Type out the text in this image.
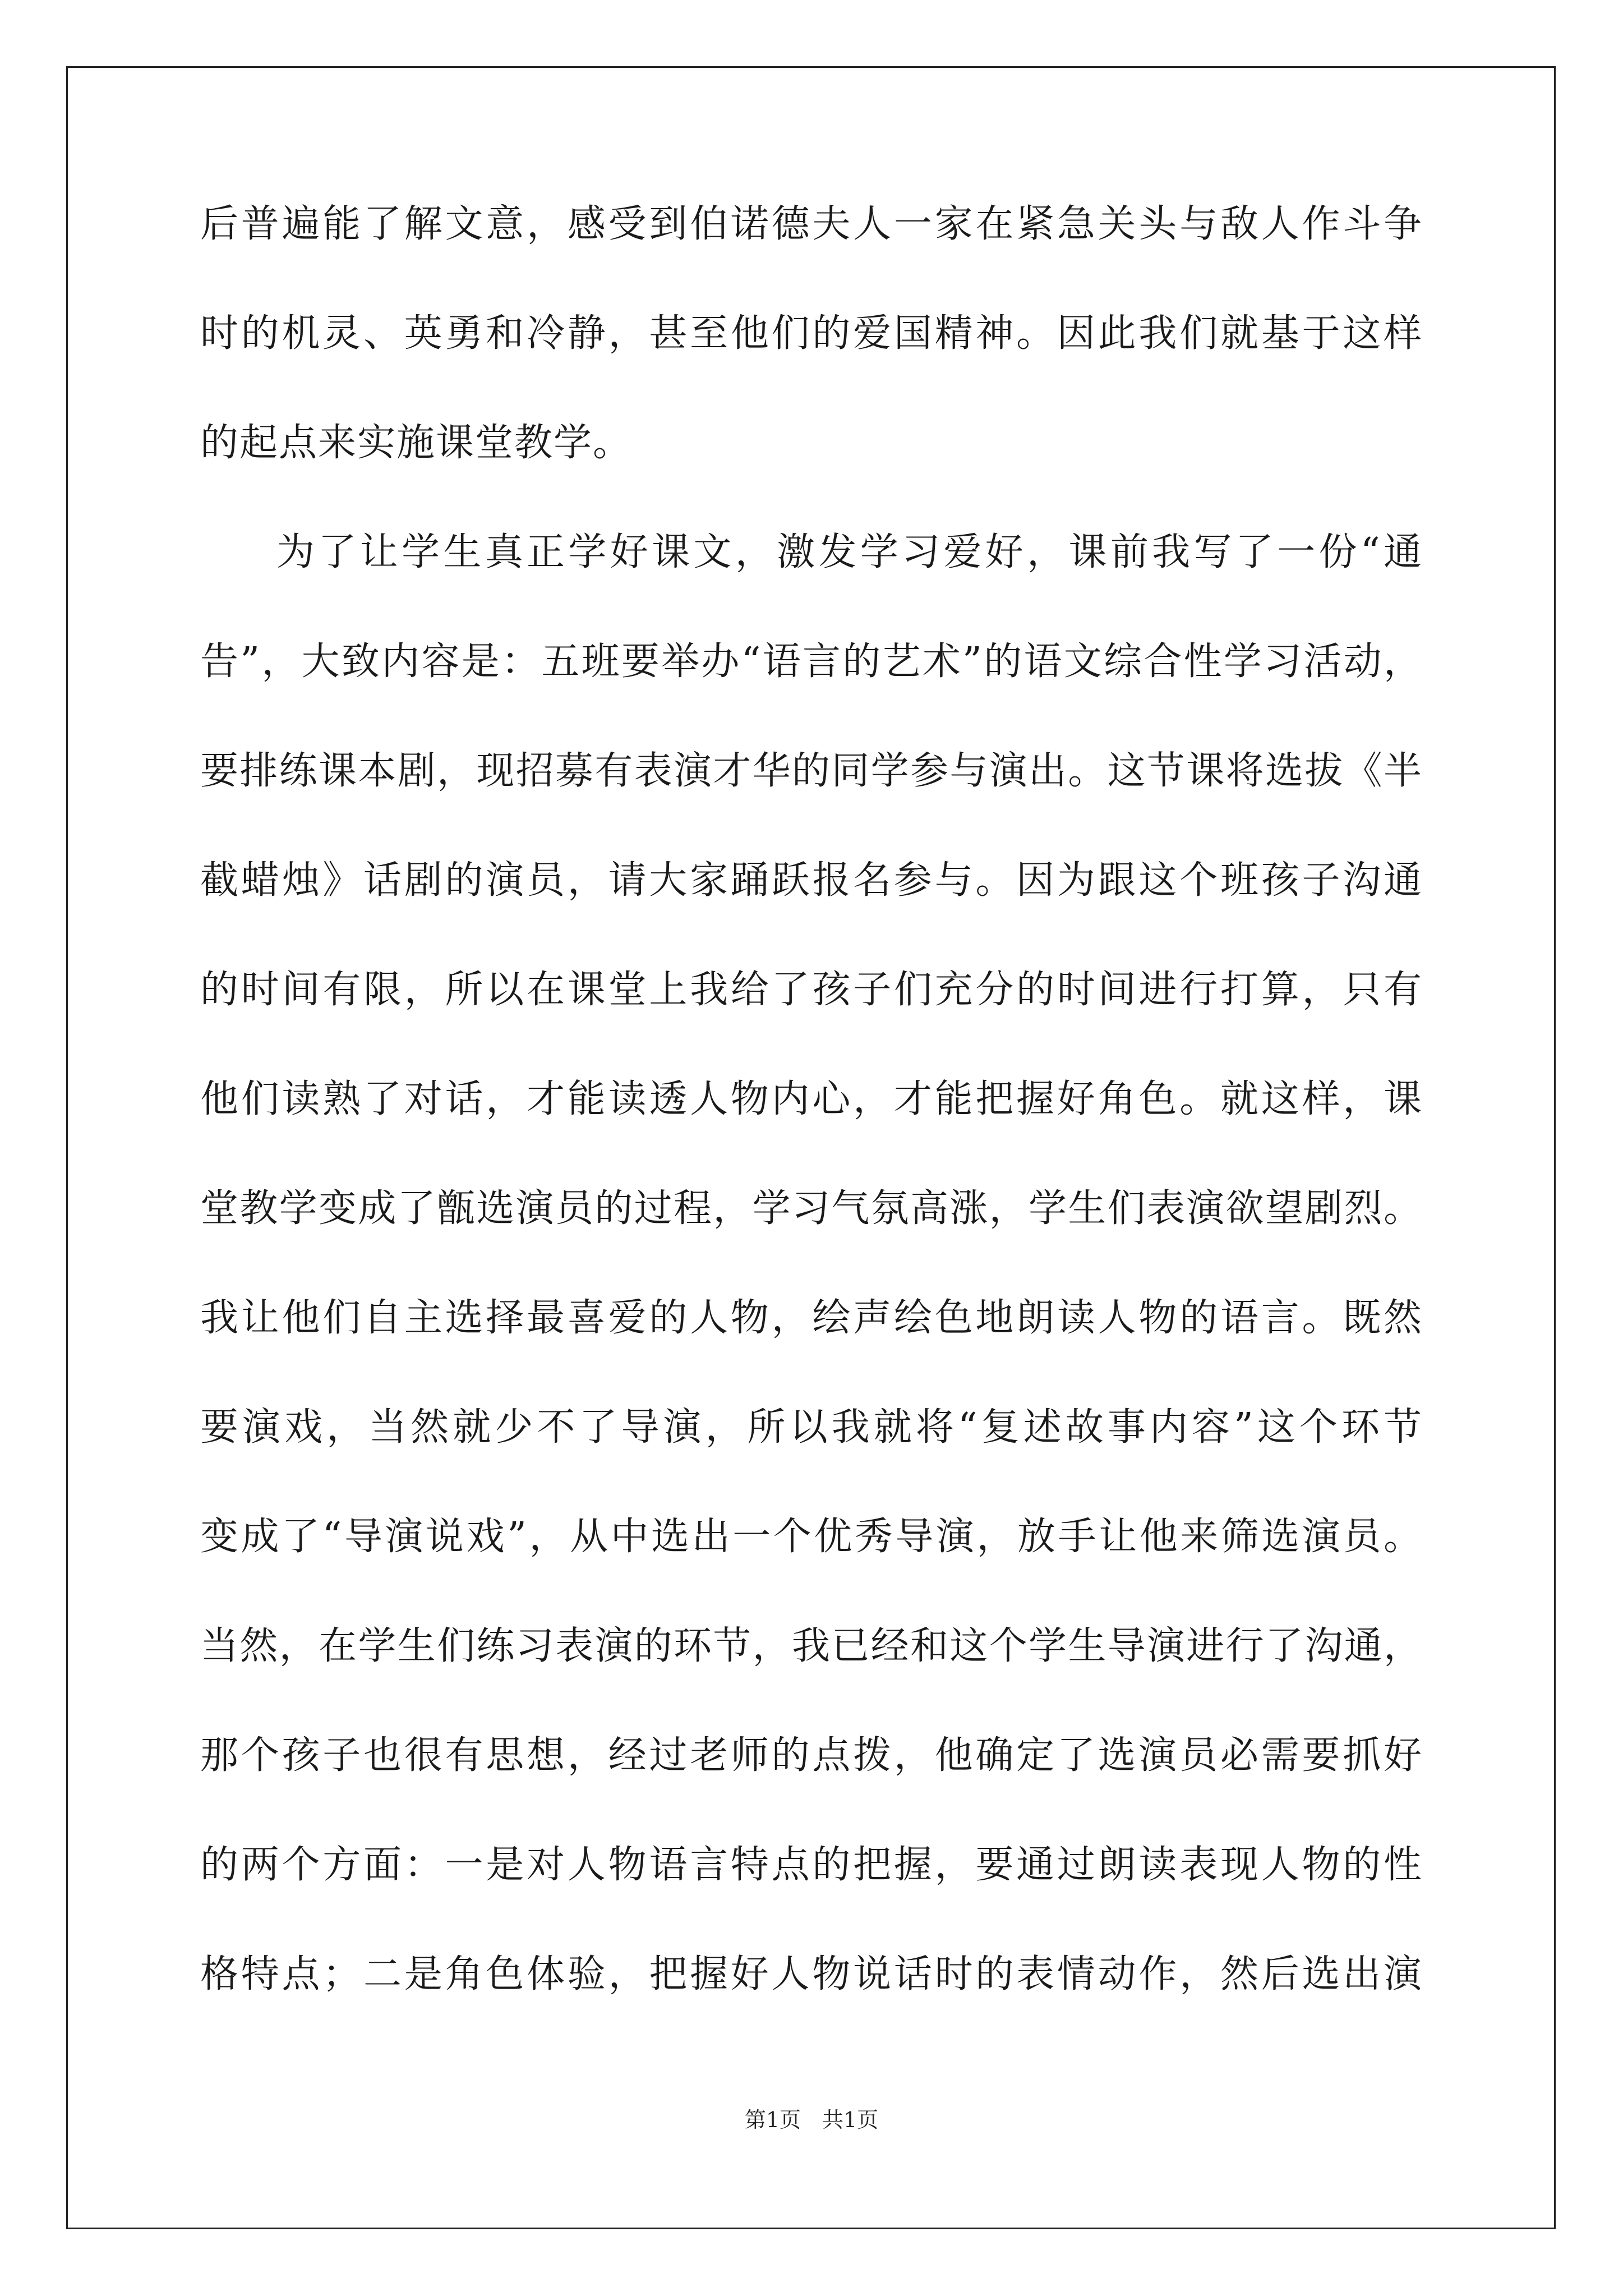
后普遍能了解文意，感受到伯诺德夫人一家在紧急关头与敌人作斗争
时的机灵、英勇和冷静，甚至他们的爱国精神。因此我们就基于这样
的起点来实施课堂教学。
为了让学生真正学好课文，激发学习爱好，课前我写了一份“通
告”，大致内容是：五班要举办“语言的艺术”的语文综合性学习活动，
要排练课本剧，现招募有表演才华的同学参与演出。这节课将选拔《半
截蜡烛》话剧的演员，请大家踊跃报名参与。因为跟这个班孩子沟通
的时间有限，所以在课堂上我给了孩子们充分的时间进行打算，只有
他们读熟了对话，才能读透人物内心，才能把握好角色。就这样，课
堂教学变成了甑选演员的过程，学习气氛高涨，学生们表演欲望剧烈。
我让他们自主选择最喜爱的人物，绘声绘色地朗读人物的语言。既然
要演戏，当然就少不了导演，所以我就将“复述故事内容”这个环节
变成了“导演说戏”，从中选出一个优秀导演，放手让他来筛选演员。
当然，在学生们练习表演的环节，我已经和这个学生导演进行了沟通，
那个孩子也很有思想，经过老师的点拨，他确定了选演员必需要抓好
的两个方面：一是对人物语言特点的把握，要通过朗读表现人物的性
格特点；二是角色体验，把握好人物说话时的表情动作，然后选出演
第1页　共1页
